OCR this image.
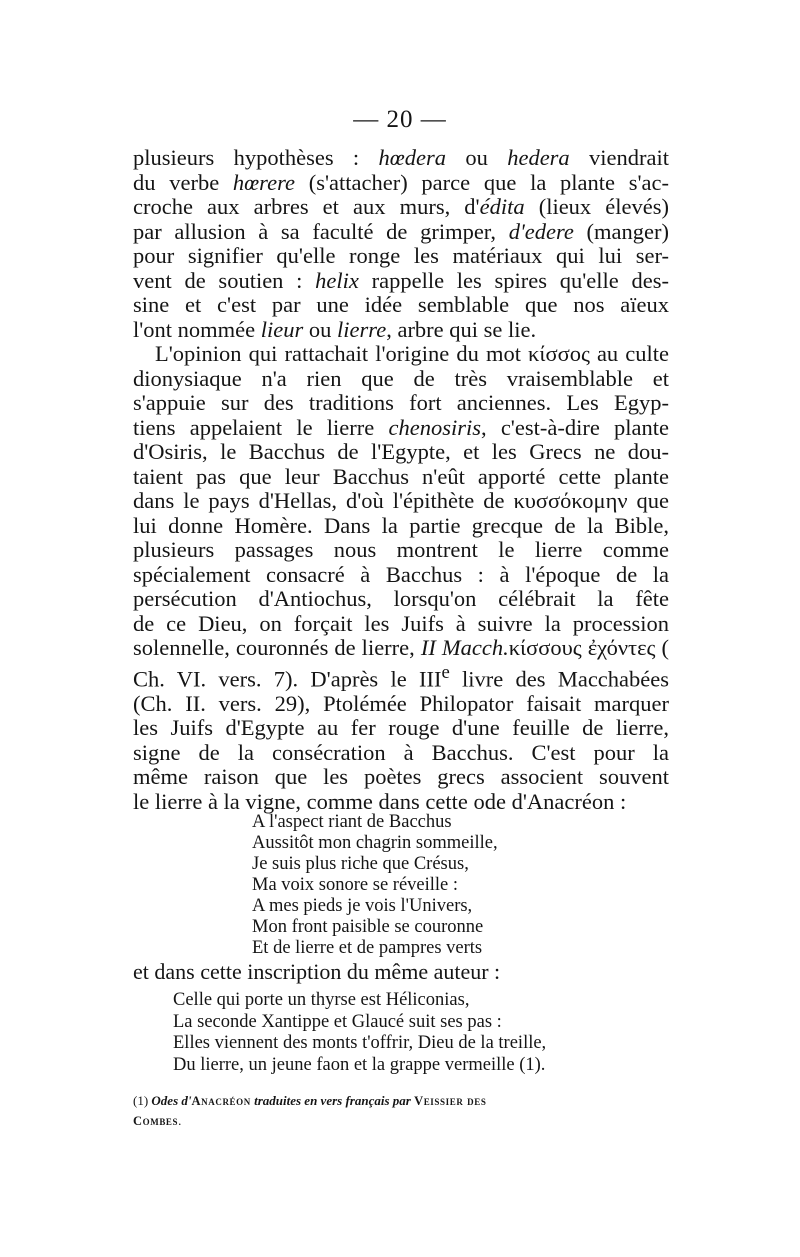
— 20 —
plusieurs hypothèses : hœdera ou hedera viendrait
du verbe hœrere (s'attacher) parce que la plante s'ac-
croche aux arbres et aux murs, d'édita (lieux élevés)
par allusion à sa faculté de grimper, d'edere (manger)
pour signifier qu'elle ronge les matériaux qui lui ser-
vent de soutien : helix rappelle les spires qu'elle des-
sine et c'est par une idée semblable que nos aïeux
l'ont nommée lieur ou lierre, arbre qui se lie.
L'opinion qui rattachait l'origine du mot κίσσος au culte
dionysiaque n'a rien que de très vraisemblable et
s'appuie sur des traditions fort anciennes. Les Egyp-
tiens appelaient le lierre chenosiris, c'est-à-dire plante
d'Osiris, le Bacchus de l'Egypte, et les Grecs ne dou-
taient pas que leur Bacchus n'eût apporté cette plante
dans le pays d'Hellas, d'où l'épithète de κυσσόκομην que
lui donne Homère. Dans la partie grecque de la Bible,
plusieurs passages nous montrent le lierre comme
spécialement consacré à Bacchus : à l'époque de la
persécution d'Antiochus, lorsqu'on célébrait la fête
de ce Dieu, on forçait les Juifs à suivre la procession
solennelle, couronnés de lierre, II Macch.κίσσους ἐχόντες (
Ch. VI. vers. 7). D'après le IIIe livre des Macchabées
(Ch. II. vers. 29), Ptolémée Philopator faisait marquer
les Juifs d'Egypte au fer rouge d'une feuille de lierre,
signe de la consécration à Bacchus. C'est pour la
même raison que les poètes grecs associent souvent
le lierre à la vigne, comme dans cette ode d'Anacréon :
A l'aspect riant de Bacchus
Aussitôt mon chagrin sommeille,
Je suis plus riche que Crésus,
Ma voix sonore se réveille :
A mes pieds je vois l'Univers,
Mon front paisible se couronne
Et de lierre et de pampres verts
et dans cette inscription du même auteur :
Celle qui porte un thyrse est Héliconias,
La seconde Xantippe et Glaucé suit ses pas :
Elles viennent des monts t'offrir, Dieu de la treille,
Du lierre, un jeune faon et la grappe vermeille (1).
(1) Odes d'Anacréon traduites en vers français par Veissier des
Combes.
